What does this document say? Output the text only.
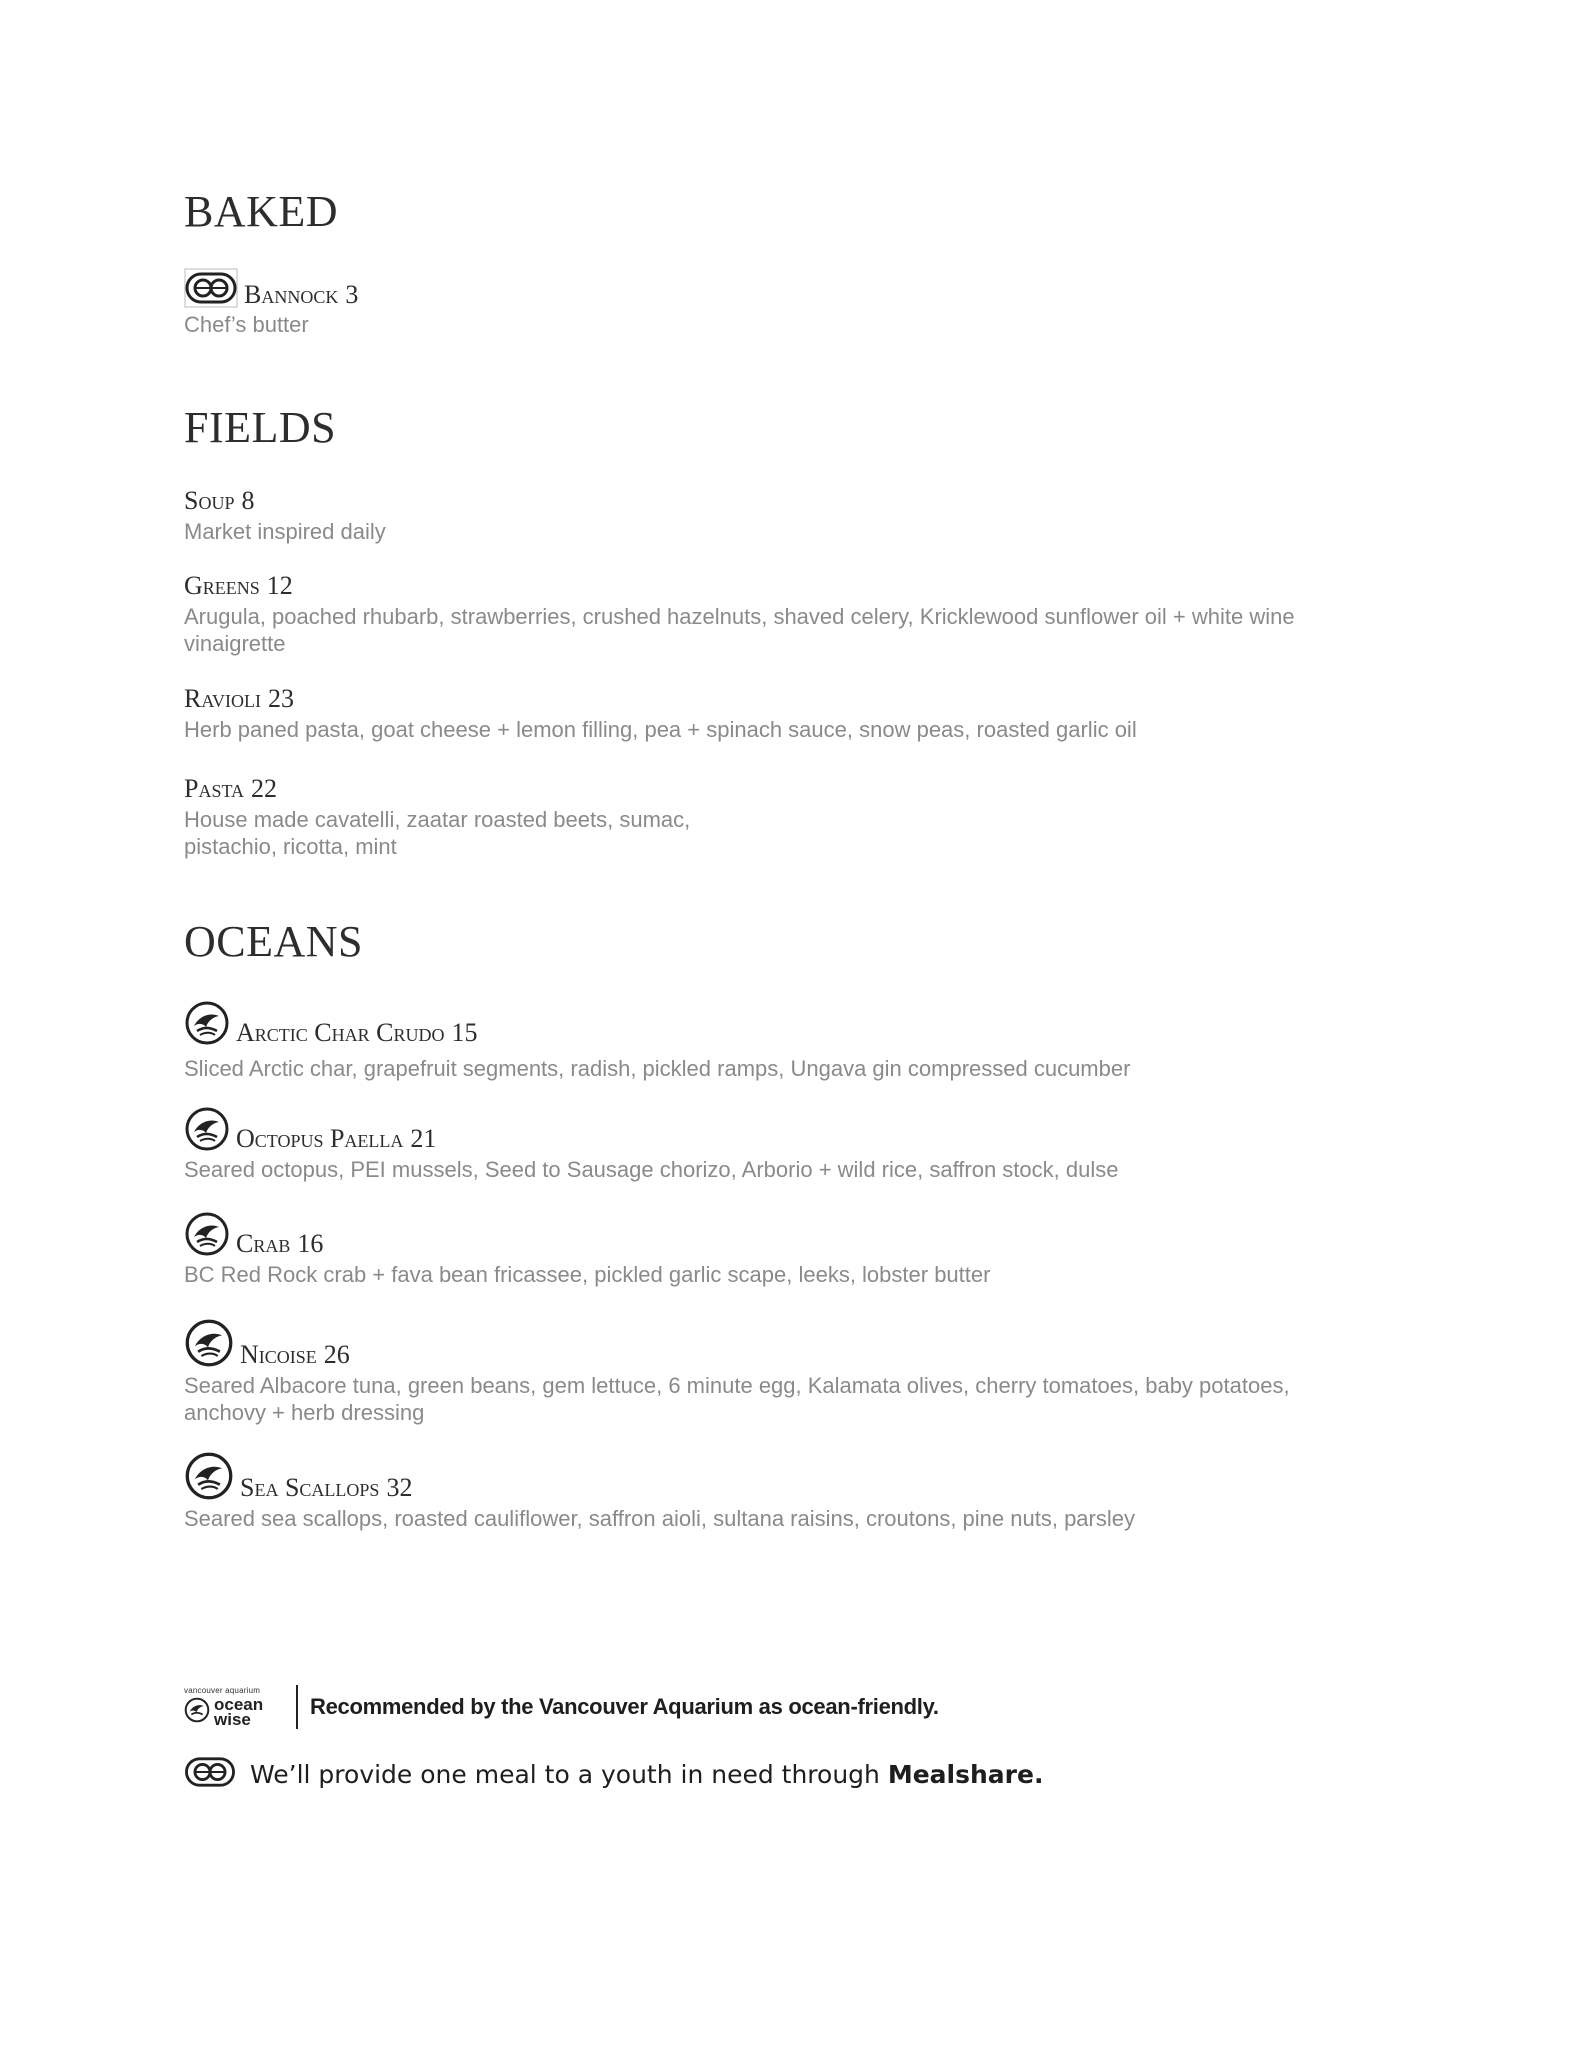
BAKED
Bannock 3
Chef’s butter
FIELDS
Soup 8
Market inspired daily
Greens 12
Arugula, poached rhubarb, strawberries, crushed hazelnuts, shaved celery, Kricklewood sunflower oil + white wine vinaigrette
Ravioli 23
Herb paned pasta, goat cheese + lemon filling, pea + spinach sauce, snow peas, roasted garlic oil
Pasta 22
House made cavatelli, zaatar roasted beets, sumac,
pistachio, ricotta, mint
OCEANS
Arctic Char Crudo 15
Sliced Arctic char, grapefruit segments, radish, pickled ramps, Ungava gin compressed cucumber
Octopus Paella 21
Seared octopus, PEI mussels, Seed to Sausage chorizo, Arborio + wild rice, saffron stock, dulse
Crab 16
BC Red Rock crab + fava bean fricassee, pickled garlic scape, leeks, lobster butter
Nicoise 26
Seared Albacore tuna, green beans, gem lettuce, 6 minute egg, Kalamata olives, cherry tomatoes, baby potatoes, anchovy + herb dressing
Sea Scallops 32
Seared sea scallops, roasted cauliflower, saffron aioli, sultana raisins, croutons, pine nuts, parsley
vancouver aquarium
ocean
wise
Recommended by the Vancouver Aquarium as ocean-friendly.
We’ll provide one meal to a youth in need through Mealshare.
